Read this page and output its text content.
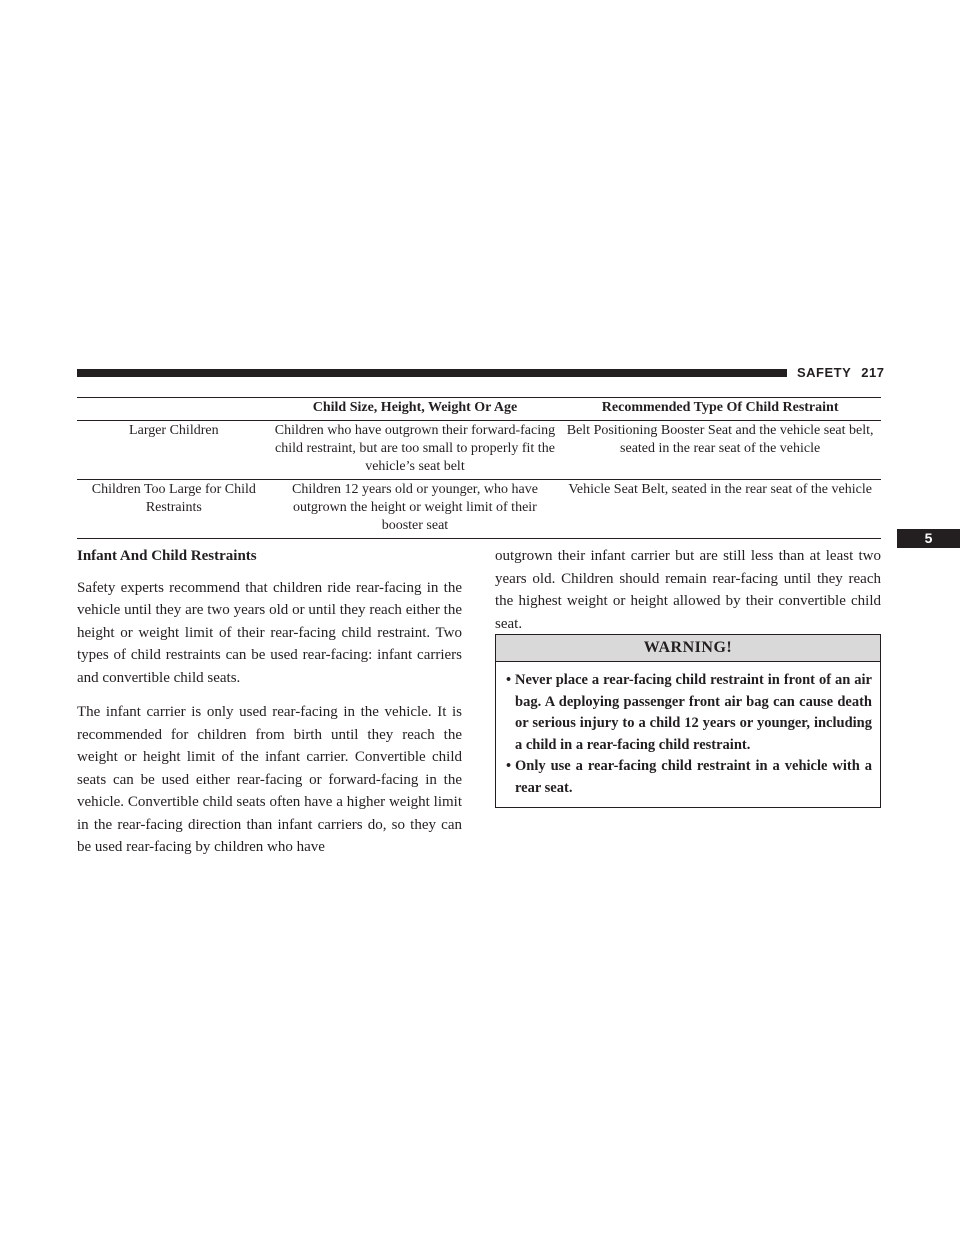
SAFETY 217
5
	Child Size, Height, Weight Or Age	Recommended Type Of Child Restraint
Larger Children	Children who have outgrown their forward-facing child restraint, but are too small to properly fit the vehicle’s seat belt	Belt Positioning Booster Seat and the vehicle seat belt, seated in the rear seat of the vehicle
Children Too Large for Child Restraints	Children 12 years old or younger, who have outgrown the height or weight limit of their booster seat	Vehicle Seat Belt, seated in the rear seat of the vehicle
Infant And Child Restraints

Safety experts recommend that children ride rear-facing in the vehicle until they are two years old or until they reach either the height or weight limit of their rear-facing child restraint. Two types of child restraints can be used rear-facing: infant carriers and convertible child seats.

The infant carrier is only used rear-facing in the vehicle. It is recommended for children from birth until they reach the weight or height limit of the infant carrier. Convertible child seats can be used either rear-facing or forward-facing in the vehicle. Convertible child seats often have a higher weight limit in the rear-facing direction than infant carriers do, so they can be used rear-facing by children who have

outgrown their infant carrier but are still less than at least two years old. Children should remain rear-facing until they reach the highest weight or height allowed by their convertible child seat.

WARNING!
• Never place a rear-facing child restraint in front of an air bag. A deploying passenger front air bag can cause death or serious injury to a child 12 years or younger, including a child in a rear-facing child restraint.
• Only use a rear-facing child restraint in a vehicle with a rear seat.
